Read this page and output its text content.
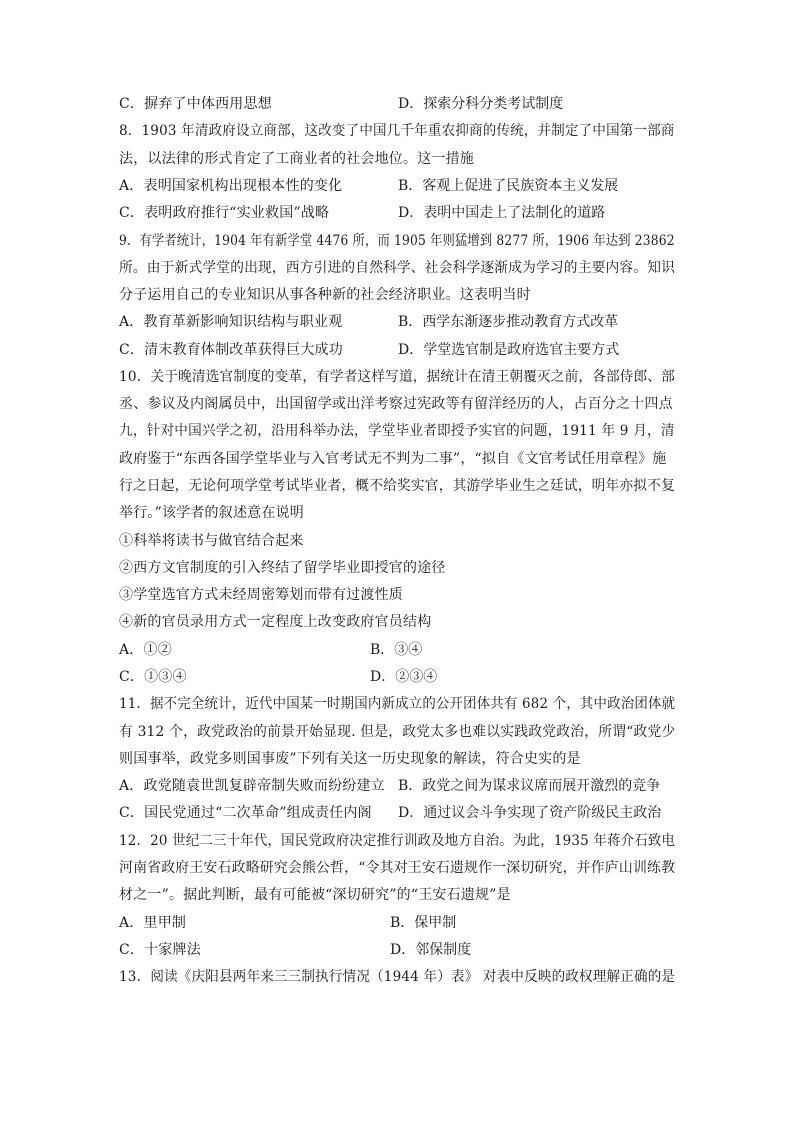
C．摒弃了中体西用思想	D．探索分科分类考试制度
8．1903 年清政府设立商部，这改变了中国几千年重农抑商的传统，并制定了中国第一部商
法，以法律的形式肯定了工商业者的社会地位。这一措施
A．表明国家机构出现根本性的变化	B．客观上促进了民族资本主义发展
C．表明政府推行“实业救国”战略	D．表明中国走上了法制化的道路
9．有学者统计，1904 年有新学堂 4476 所，而 1905 年则猛增到 8277 所，1906 年达到 23862
所。由于新式学堂的出现，西方引进的自然科学、社会科学逐渐成为学习的主要内容。知识
分子运用自己的专业知识从事各种新的社会经济职业。这表明当时
A．教育革新影响知识结构与职业观	B．西学东渐逐步推动教育方式改革
C．清末教育体制改革获得巨大成功	D．学堂选官制是政府选官主要方式
10．关于晚清选官制度的变革，有学者这样写道，据统计在清王朝覆灭之前，各部侍郎、部
丞、参议及内阁属员中，出国留学或出洋考察过宪政等有留洋经历的人，占百分之十四点
九，针对中国兴学之初，沿用科举办法，学堂毕业者即授予实官的问题，1911 年 9 月，清
政府鉴于“东西各国学堂毕业与入官考试无不判为二事”，“拟自《文官考试任用章程》施
行之日起，无论何项学堂考试毕业者，概不给奖实官，其游学毕业生之廷试，明年亦拟不复
举行。”该学者的叙述意在说明
①科举将读书与做官结合起来
②西方文官制度的引入终结了留学毕业即授官的途径
③学堂选官方式未经周密筹划而带有过渡性质
④新的官员录用方式一定程度上改变政府官员结构
A．①②	B．③④
C．①③④	D．②③④
11．据不完全统计，近代中国某一时期国内新成立的公开团体共有 682 个，其中政治团体就
有 312 个，政党政治的前景开始显现. 但是，政党太多也难以实践政党政治，所谓“政党少
则国事举，政党多则国事废”下列有关这一历史现象的解读，符合史实的是
A．政党随袁世凯复辟帝制失败而纷纷建立 B．政党之间为谋求议席而展开激烈的竞争
C．国民党通过“二次革命”组成责任内阁 D．通过议会斗争实现了资产阶级民主政治
12．20 世纪二三十年代，国民党政府决定推行训政及地方自治。为此，1935 年蒋介石致电
河南省政府王安石政略研究会熊公哲，“令其对王安石遗规作一深切研究，并作庐山训练教
材之一”。据此判断，最有可能被“深切研究”的“王安石遗规”是
A．里甲制	B．保甲制
C．十家牌法	D．邻保制度
13．阅读《庆阳县两年来三三制执行情况（1944 年）表》 对表中反映的政权理解正确的是
